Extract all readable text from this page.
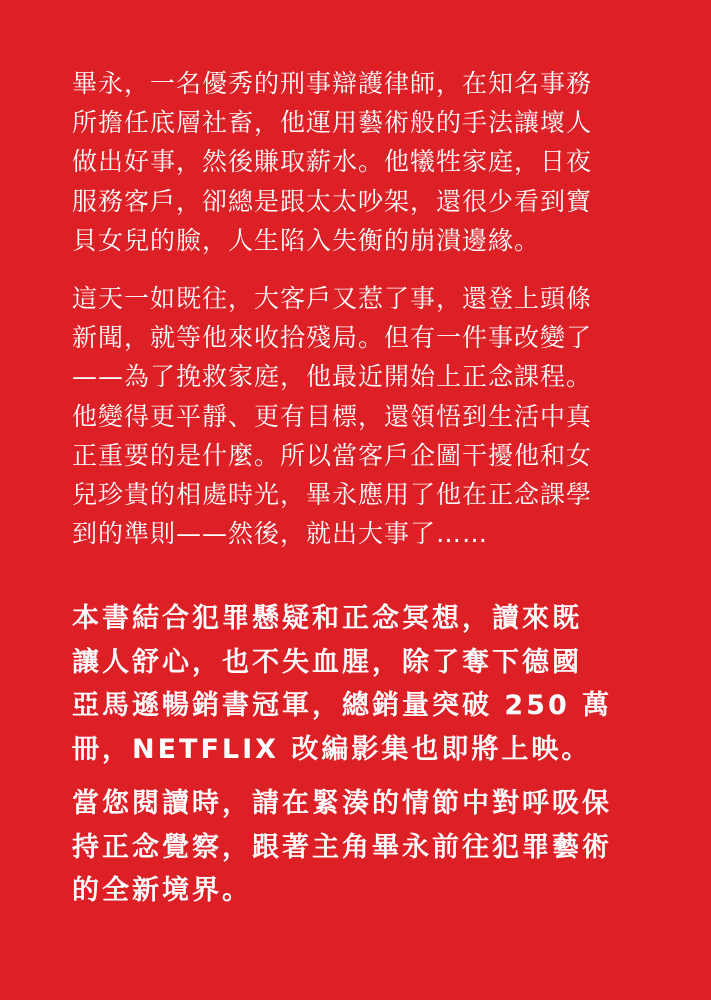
畢永，一名優秀的刑事辯護律師，在知名事務
所擔任底層社畜，他運用藝術般的手法讓壞人
做出好事，然後賺取薪水。他犧牲家庭，日夜
服務客戶，卻總是跟太太吵架，還很少看到寶
貝女兒的臉，人生陷入失衡的崩潰邊緣。
這天一如既往，大客戶又惹了事，還登上頭條
新聞，就等他來收拾殘局。但有一件事改變了
——為了挽救家庭，他最近開始上正念課程。
他變得更平靜、更有目標，還領悟到生活中真
正重要的是什麼。所以當客戶企圖干擾他和女
兒珍貴的相處時光，畢永應用了他在正念課學
到的準則——然後，就出大事了……
本書結合犯罪懸疑和正念冥想，讀來既
讓人舒心，也不失血腥，除了奪下德國
亞馬遜暢銷書冠軍，總銷量突破 250 萬
冊，NETFLIX 改編影集也即將上映。
當您閱讀時，請在緊湊的情節中對呼吸保
持正念覺察，跟著主角畢永前往犯罪藝術
的全新境界。
